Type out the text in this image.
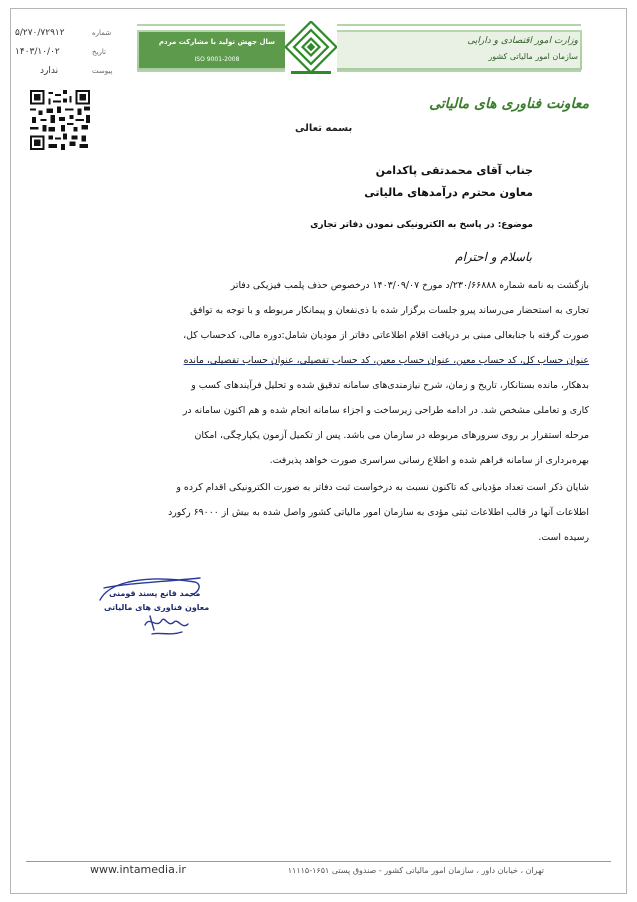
وزارت امور اقتصادی و دارایی
سازمان امور مالیاتی کشور
سال جهش تولید با مشارکت مردم
ISO 9001-2008
۵/۲۷۰/۷۲۹۱۲	شماره
۱۴۰۳/۱۰/۰۲	تاریخ
ندارد	پیوست
معاونت فناوری های مالیاتی
بسمه تعالی
جناب آقای محمدتقی پاکدامن
معاون محترم درآمدهای مالیاتی
موضوع: در پاسخ به الکترونیکی نمودن دفاتر تجاری
باسلام و احترام
بازگشت به نامه شماره ۲۳۰/۶۶۸۸۸/د مورخ ۱۴۰۳/۰۹/۰۷ درخصوص حذف پلمب فیزیکی دفاتر
تجاری به استحضار می‌رساند پیرو جلسات برگزار شده با ذی‌نفعان و پیمانکار مربوطه و با توجه به توافق
صورت گرفته با جنابعالی مبنی بر دریافت اقلام اطلاعاتی دفاتر از مودیان شامل:دوره مالی، کدحساب کل،
عنوان حساب کل، کد حساب معین، عنوان حساب معین، کد حساب تفصیلی، عنوان حساب تفصیلی، مانده
بدهکار، مانده بستانکار، تاریخ و زمان، شرح نیازمندی‌های سامانه تدقیق شده و تحلیل فرآیندهای کسب و
کاری و تعاملی مشخص شد. در ادامه طراحی زیرساخت و اجزاء سامانه انجام شده و هم اکنون سامانه در
مرحله استقرار بر روی سرورهای مربوطه در سازمان می باشد. پس از تکمیل آزمون یکپارچگی، امکان
بهره‌برداری از سامانه فراهم شده و اطلاع رسانی سراسری صورت خواهد پذیرفت.
شایان ذکر است تعداد مؤدیانی که تاکنون نسبت به درخواست ثبت دفاتر به صورت الکترونیکی اقدام کرده و
اطلاعات آنها در قالب اطلاعات ثبتی مؤدی به سازمان امور مالیاتی کشور واصل شده به بیش از ۶۹۰۰۰ رکورد
رسیده است.
محمد قانع پسند قومنی
معاون فناوری های مالیاتی
تهران ، خیابان داور ، سازمان امور مالیاتی کشور - صندوق پستی ۱۶۵۱-۱۱۱۱۵
www.intamedia.ir
